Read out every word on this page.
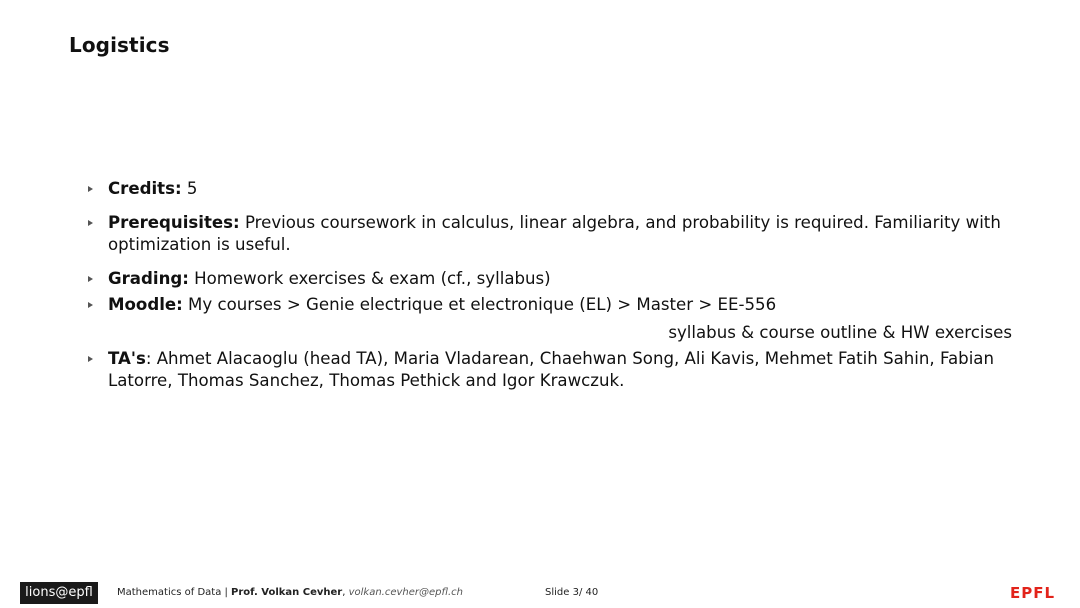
Logistics
Credits: 5
Prerequisites: Previous coursework in calculus, linear algebra, and probability is required. Familiarity with optimization is useful.
Grading: Homework exercises & exam (cf., syllabus)
Moodle: My courses > Genie electrique et electronique (EL) > Master > EE-556
syllabus & course outline & HW exercises
TA's: Ahmet Alacaoglu (head TA), Maria Vladarean, Chaehwan Song, Ali Kavis, Mehmet Fatih Sahin, Fabian Latorre, Thomas Sanchez, Thomas Pethick and Igor Krawczuk.
lions@epfl	Mathematics of Data | Prof. Volkan Cevher, volkan.cevher@epfl.ch	Slide 3/ 40	EPFL
